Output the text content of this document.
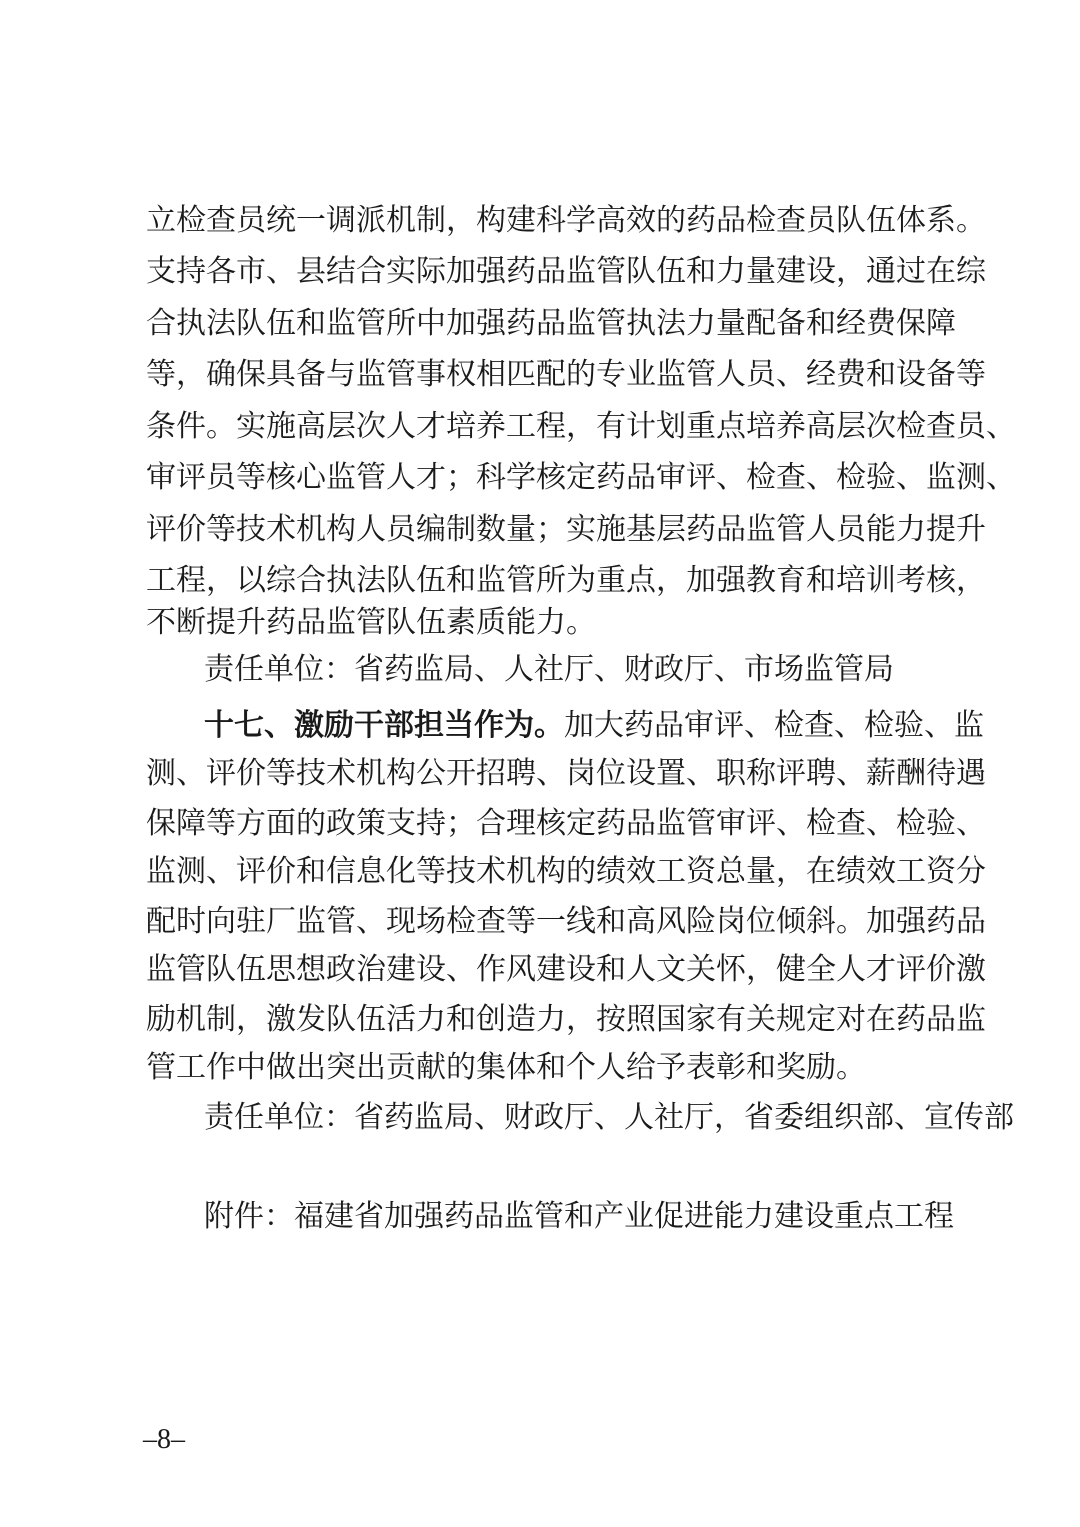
立检查员统一调派机制，构建科学高效的药品检查员队伍体系。
支持各市、县结合实际加强药品监管队伍和力量建设，通过在综
合执法队伍和监管所中加强药品监管执法力量配备和经费保障
等，确保具备与监管事权相匹配的专业监管人员、经费和设备等
条件。实施高层次人才培养工程，有计划重点培养高层次检查员、
审评员等核心监管人才；科学核定药品审评、检查、检验、监测、
评价等技术机构人员编制数量；实施基层药品监管人员能力提升
工程，以综合执法队伍和监管所为重点，加强教育和培训考核，
不断提升药品监管队伍素质能力。
责任单位：省药监局、人社厅、财政厅、市场监管局
十七、激励干部担当作为。加大药品审评、检查、检验、监
测、评价等技术机构公开招聘、岗位设置、职称评聘、薪酬待遇
保障等方面的政策支持；合理核定药品监管审评、检查、检验、
监测、评价和信息化等技术机构的绩效工资总量，在绩效工资分
配时向驻厂监管、现场检查等一线和高风险岗位倾斜。加强药品
监管队伍思想政治建设、作风建设和人文关怀，健全人才评价激
励机制，激发队伍活力和创造力，按照国家有关规定对在药品监
管工作中做出突出贡献的集体和个人给予表彰和奖励。
责任单位：省药监局、财政厅、人社厅，省委组织部、宣传部
附件：福建省加强药品监管和产业促进能力建设重点工程
–8–
